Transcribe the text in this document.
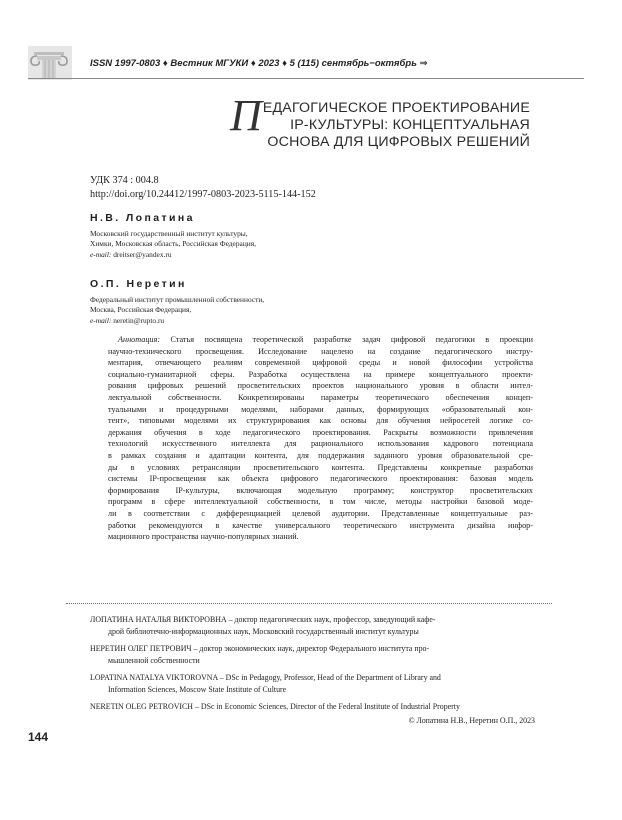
ISSN 1997-0803 ♦ Вестник МГУКИ ♦ 2023 ♦ 5 (115) сентябрь−октябрь ⇒
П ЕДАГОГИЧЕСКОЕ ПРОЕКТИРОВАНИЕ
IP-КУЛЬТУРЫ: КОНЦЕПТУАЛЬНАЯ
ОСНОВА ДЛЯ ЦИФРОВЫХ РЕШЕНИЙ
УДК 374 : 004.8
http://doi.org/10.24412/1997-0803-2023-5115-144-152
Н.В. Лопатина
Московский государственный институт культуры,
Химки, Московская область, Российская Федерация,
e-mail: dreitser@yandex.ru
О.П. Неретин
Федеральный институт промышленной собственности,
Москва, Российская Федерация,
e-mail: neretin@rupto.ru
Аннотация: Статья посвящена теоретической разработке задач цифровой педагогики в проекции
научно-технического просвещения. Исследование нацелено на создание педагогического инстру-
ментария, отвечающего реалиям современной цифровой среды и новой философии устройства
социально-гуманитарной сферы. Разработка осуществлена на примере концептуального проекти-
рования цифровых решений просветительских проектов национального уровня в области интел-
лектуальной собственности. Конкретизированы параметры теоретического обеспечения концеп-
туальными и процедурными моделями, наборами данных, формирующих «образовательный кон-
тент», типовыми моделями их структурирования как основы для обучения нейросетей логике со-
держания обучения в ходе педагогического проектирования. Раскрыты возможности привлечения
технологий искусственного интеллекта для рационального использования кадрового потенциала
в рамках создания и адаптации контента, для поддержания заданного уровня образовательной сре-
ды в условиях ретрансляции просветительского контента. Представлены конкретные разработки
системы IP-просвещения как объекта цифрового педагогического проектирования: базовая модель
формирования IP-культуры, включающая модельную программу; конструктор просветительских
программ в сфере интеллектуальной собственности, в том числе, методы настройки базовой моде-
ли в соответствии с дифференциацией целевой аудитории. Представленные концептуальные раз-
работки рекомендуются в качестве универсального теоретического инструмента дизайна инфор-
мационного пространства научно-популярных знаний.

ЛОПАТИНА НАТАЛЬЯ ВИКТОРОВНА – доктор педагогических наук, профессор, заведующий кафе-
дрой библиотечно-информационных наук, Московский государственный институт культуры

НЕРЕТИН ОЛЕГ ПЕТРОВИЧ – доктор экономических наук, директор Федерального института про-
мышленной собственности

LOPATINA NATALYA VIKTOROVNA – DSc in Pedagogy, Professor, Head of the Department of Library and
Information Sciences, Moscow State Institute of Culture

NERETIN OLEG PETROVICH – DSc in Economic Sciences, Director of the Federal Institute of Industrial Property

© Лопатина Н.В., Неретин О.П., 2023
144
